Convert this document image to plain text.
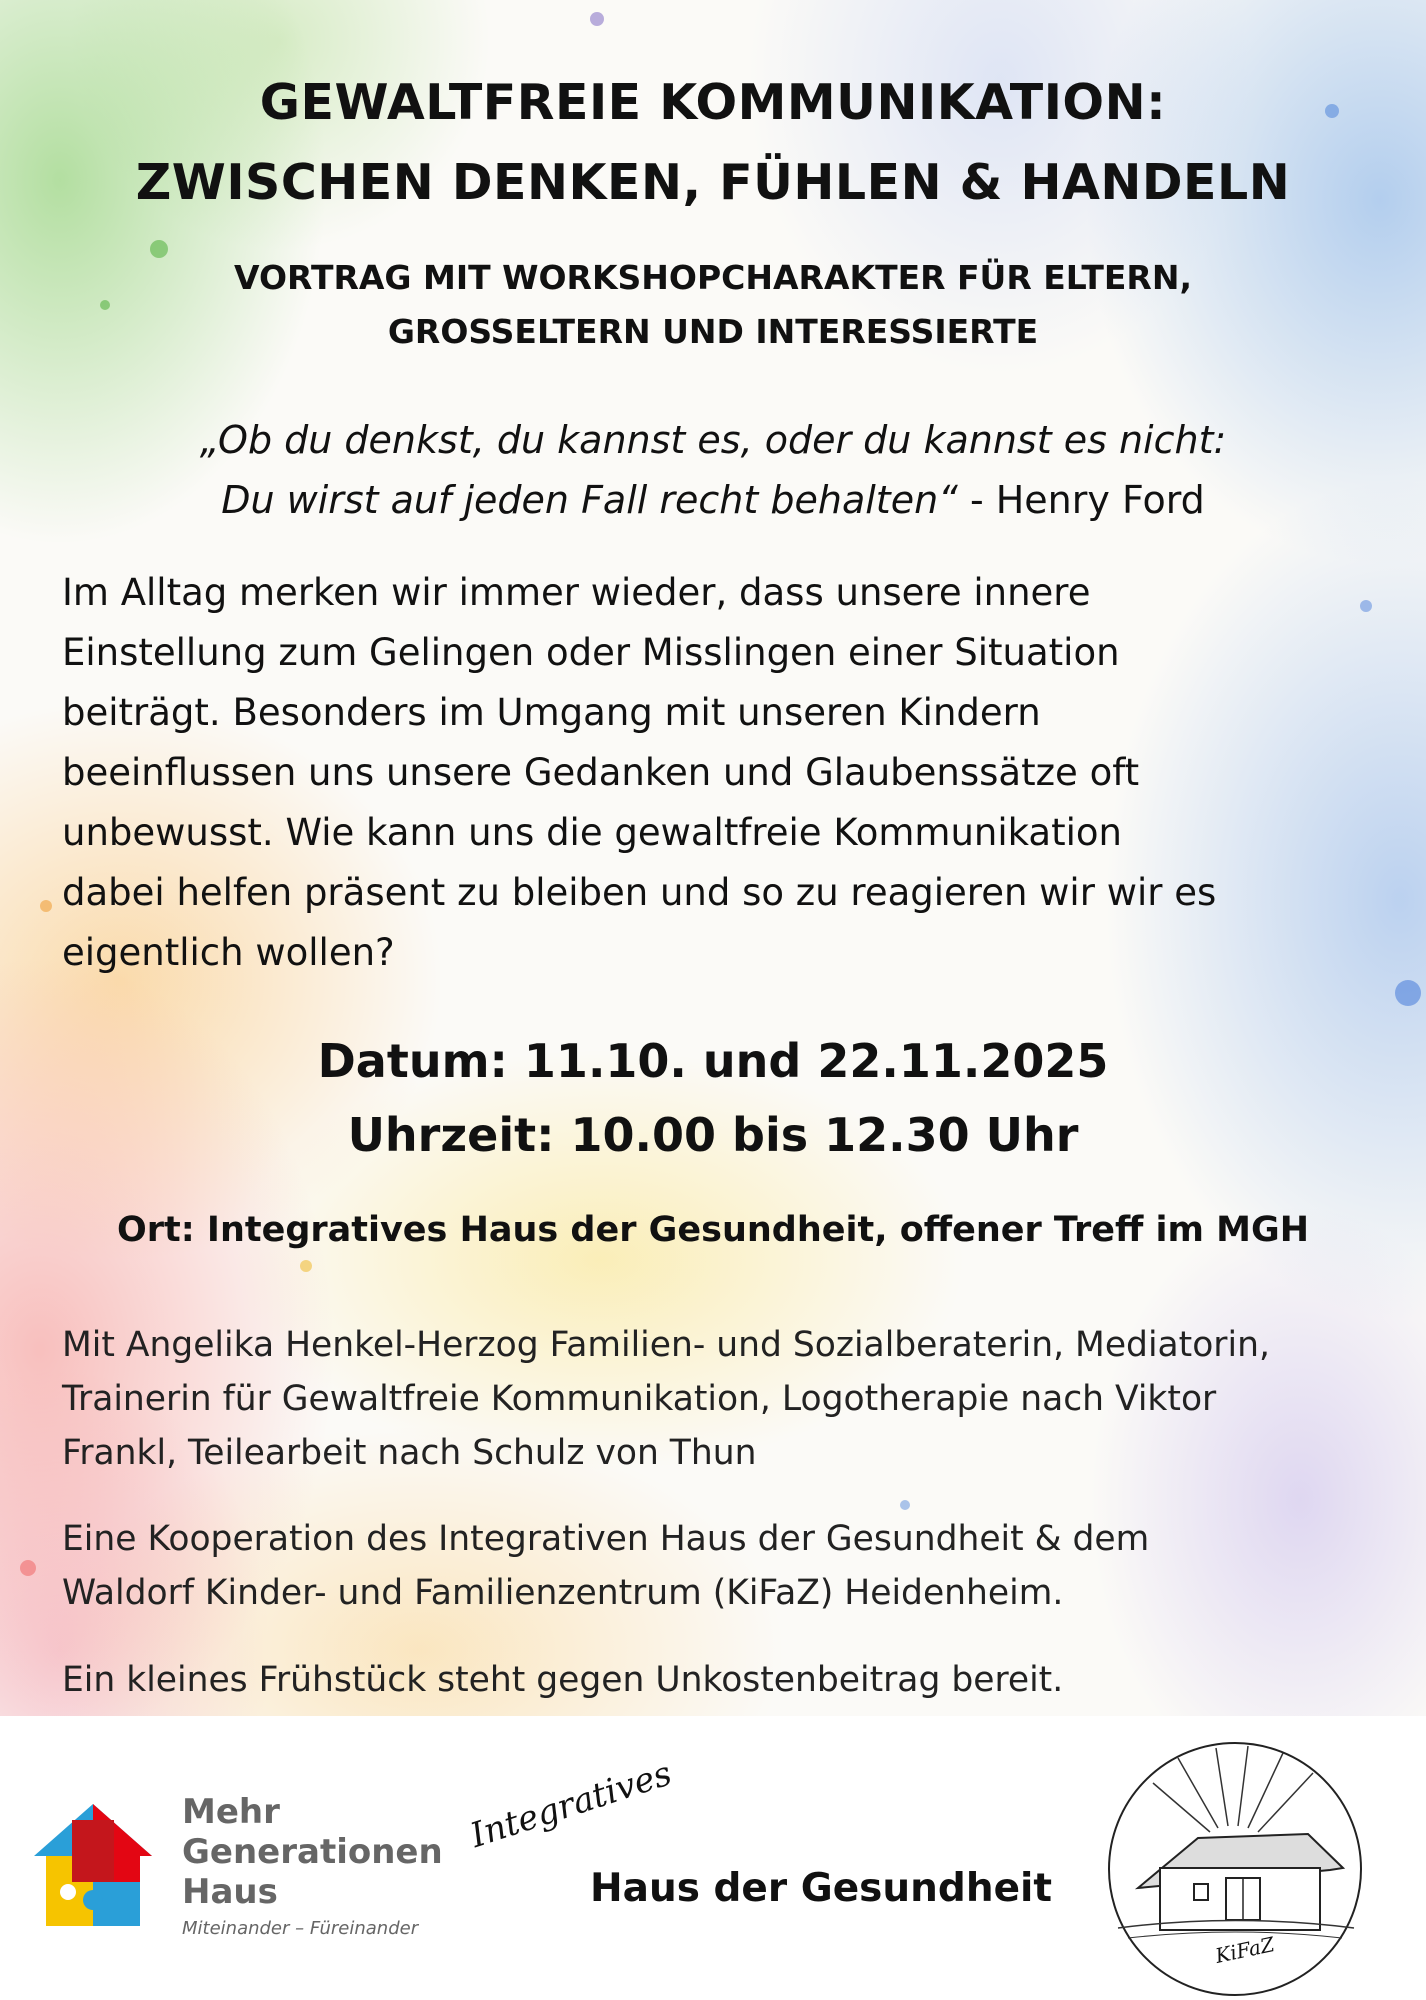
GEWALTFREIE KOMMUNIKATION:
ZWISCHEN DENKEN, FÜHLEN & HANDELN

VORTRAG MIT WORKSHOPCHARAKTER FÜR ELTERN,

GROSSELTERN UND INTERESSIERTE

„Ob du denkst, du kannst es, oder du kannst es nicht:

Du wirst auf jeden Fall recht behalten“ - Henry Ford

Im Alltag merken wir immer wieder, dass unsere innere
Einstellung zum Gelingen oder Misslingen einer Situation
beiträgt. Besonders im Umgang mit unseren Kindern
beeinflussen uns unsere Gedanken und Glaubenssätze oft
unbewusst. Wie kann uns die gewaltfreie Kommunikation
dabei helfen präsent zu bleiben und so zu reagieren wir wir es
eigentlich wollen?

Datum: 11.10. und 22.11.2025

Uhrzeit: 10.00 bis 12.30 Uhr

Ort: Integratives Haus der Gesundheit, offener Treff im MGH

Mit Angelika Henkel-Herzog Familien- und Sozialberaterin, Mediatorin,
Trainerin für Gewaltfreie Kommunikation, Logotherapie nach Viktor
Frankl, Teilearbeit nach Schulz von Thun

Eine Kooperation des Integrativen Haus der Gesundheit & dem
Waldorf Kinder- und Familienzentrum (KiFaZ) Heidenheim.

Ein kleines Frühstück steht gegen Unkostenbeitrag bereit.

Mehr
Generationen
Haus
Miteinander – Füreinander
Integratives
Haus der Gesundheit
KiFaZ
